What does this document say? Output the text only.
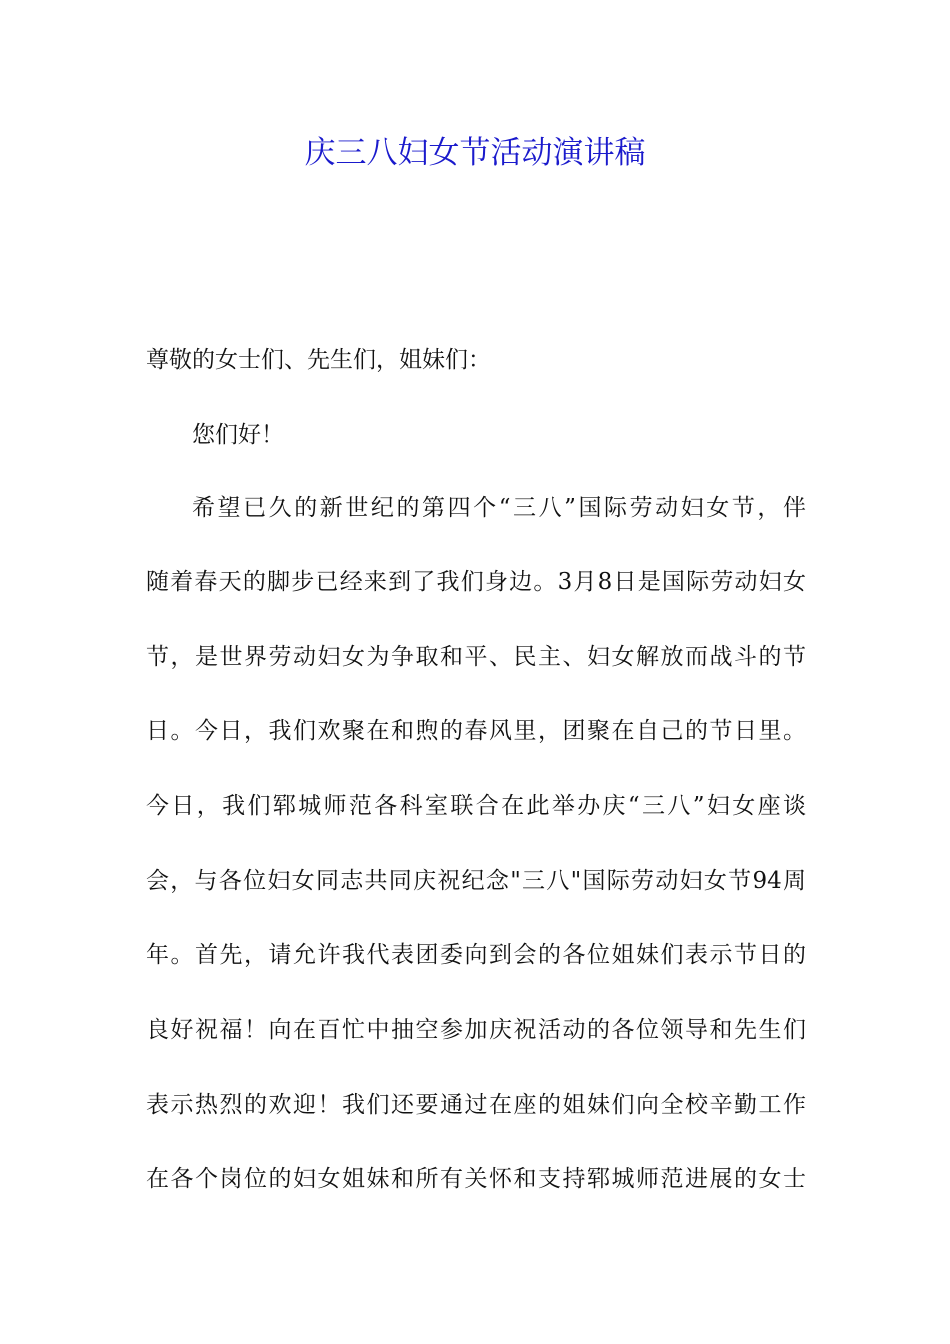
庆三八妇女节活动演讲稿
尊敬的女士们、先生们，姐妹们：
您们好！
希望已久的新世纪的第四个“三八”国际劳动妇女节，伴
随着春天的脚步已经来到了我们身边。3月8日是国际劳动妇女
节，是世界劳动妇女为争取和平、民主、妇女解放而战斗的节
日。今日，我们欢聚在和煦的春风里，团聚在自己的节日里。
今日，我们郓城师范各科室联合在此举办庆“三八”妇女座谈
会，与各位妇女同志共同庆祝纪念"三八"国际劳动妇女节94周
年。首先，请允许我代表团委向到会的各位姐妹们表示节日的
良好祝福！向在百忙中抽空参加庆祝活动的各位领导和先生们
表示热烈的欢迎！我们还要通过在座的姐妹们向全校辛勤工作
在各个岗位的妇女姐妹和所有关怀和支持郓城师范进展的女士
